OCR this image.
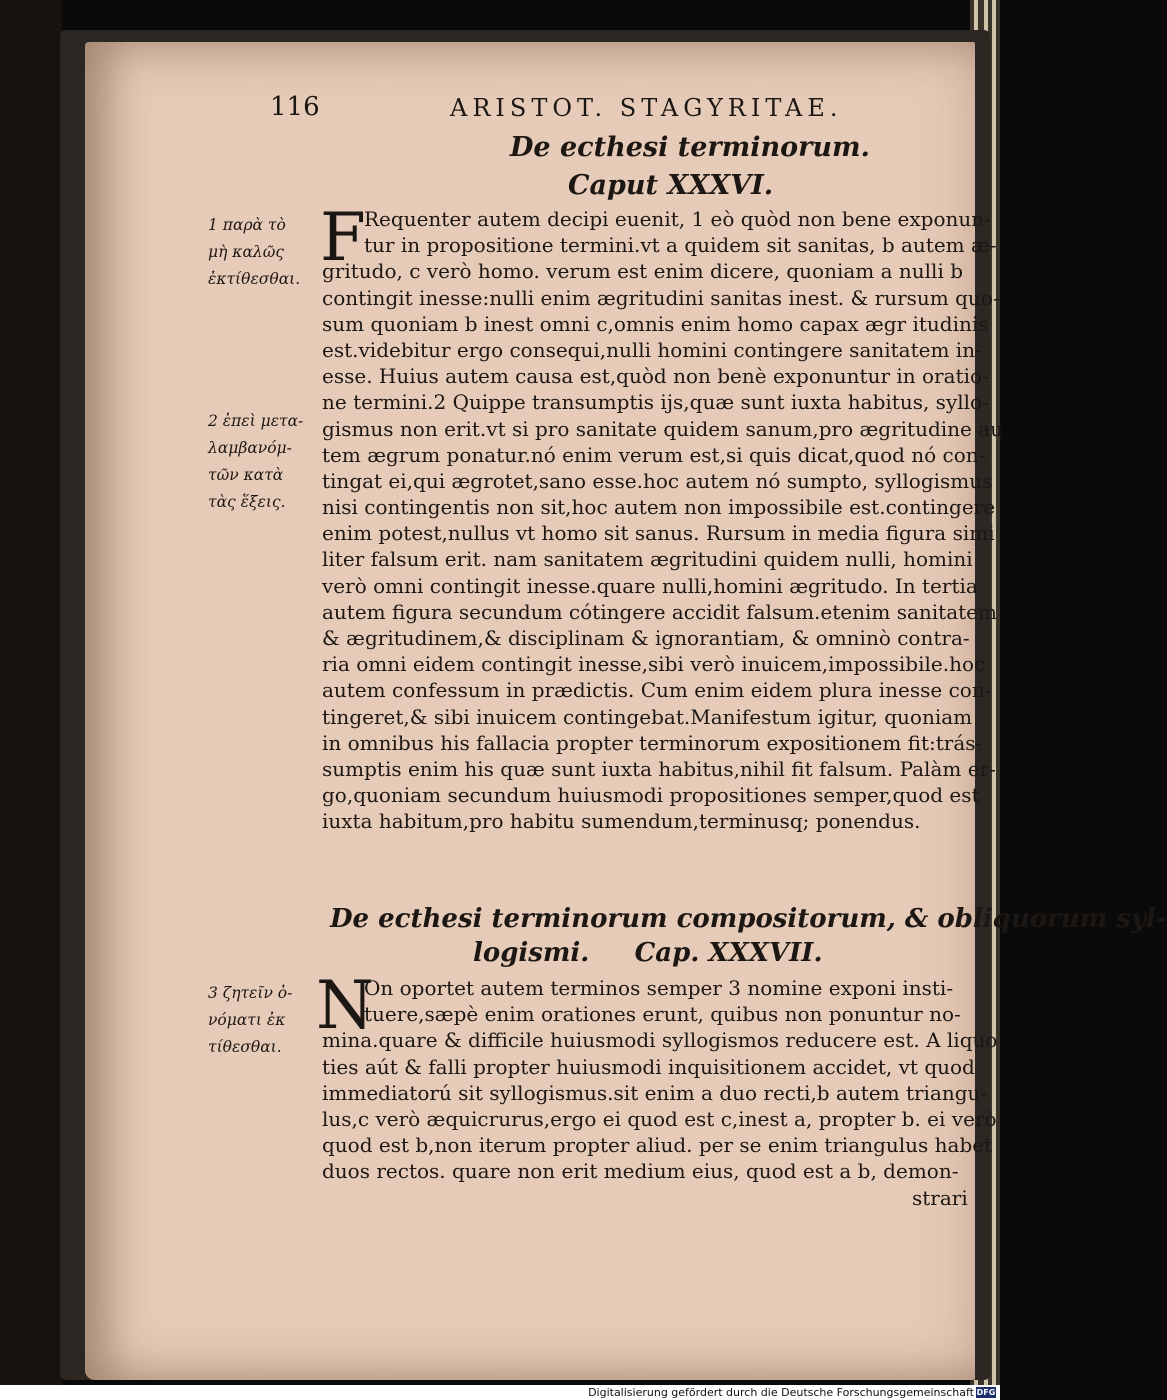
116	ARISTOT. STAGYRITAE.
De ecthesi terminorum.
Caput XXXVI.
1 παρὰ τὸ
μὴ καλῶς
ἐκτίθεσθαι.
2 ἐπεὶ μετα-
λαμβανόμ-
τῶν κατὰ
τὰς ἕξεις.
F
Requenter autem decipi euenit, 1 eò quòd non bene exponun-
tur in propositione termini.vt a quidem sit sanitas, b autem æ-
gritudo, c verò homo. verum est enim dicere, quoniam a nulli b
contingit inesse:nulli enim ægritudini sanitas inest. & rursum quo-
sum quoniam b inest omni c,omnis enim homo capax ægr itudinis
est.videbitur ergo consequi,nulli homini contingere sanitatem in-
esse. Huius autem causa est,quòd non benè exponuntur in oratio-
ne termini.2 Quippe transumptis ijs,quæ sunt iuxta habitus, syllo-
gismus non erit.vt si pro sanitate quidem sanum,pro ægritudine au
tem ægrum ponatur.nó enim verum est,si quis dicat,quod nó con-
tingat ei,qui ægrotet,sano esse.hoc autem nó sumpto, syllogismus
nisi contingentis non sit,hoc autem non impossibile est.contingere
enim potest,nullus vt homo sit sanus. Rursum in media figura simi
liter falsum erit. nam sanitatem ægritudini quidem nulli, homini
verò omni contingit inesse.quare nulli,homini ægritudo. In tertia
autem figura secundum cótingere accidit falsum.etenim sanitatem
& ægritudinem,& disciplinam & ignorantiam, & omninò contra-
ria omni eidem contingit inesse,sibi verò inuicem,impossibile.hoc
autem confessum in prædictis. Cum enim eidem plura inesse con-
tingeret,& sibi inuicem contingebat.Manifestum igitur, quoniam
in omnibus his fallacia propter terminorum expositionem fit:trás-
sumptis enim his quæ sunt iuxta habitus,nihil fit falsum. Palàm er-
go,quoniam secundum huiusmodi propositiones semper,quod est
iuxta habitum,pro habitu sumendum,terminusq; ponendus.
De ecthesi terminorum compositorum, & obliquorum syl-
logismi.     Cap. XXXVII.
3 ζητεῖν ὀ-
νόματι ἐκ
τίθεσθαι.
N
On oportet autem terminos semper 3 nomine exponi insti-
tuere,sæpè enim orationes erunt, quibus non ponuntur no-
mina.quare & difficile huiusmodi syllogismos reducere est. A liquo
ties aút & falli propter huiusmodi inquisitionem accidet, vt quod
immediatorú sit syllogismus.sit enim a duo recti,b autem triangu-
lus,c verò æquicrurus,ergo ei quod est c,inest a, propter b. ei verò
quod est b,non iterum propter aliud. per se enim triangulus habet
duos rectos. quare non erit medium eius, quod est a b, demon-
strari
Digitalisierung gefördert durch die Deutsche Forschungsgemeinschaft DFG
